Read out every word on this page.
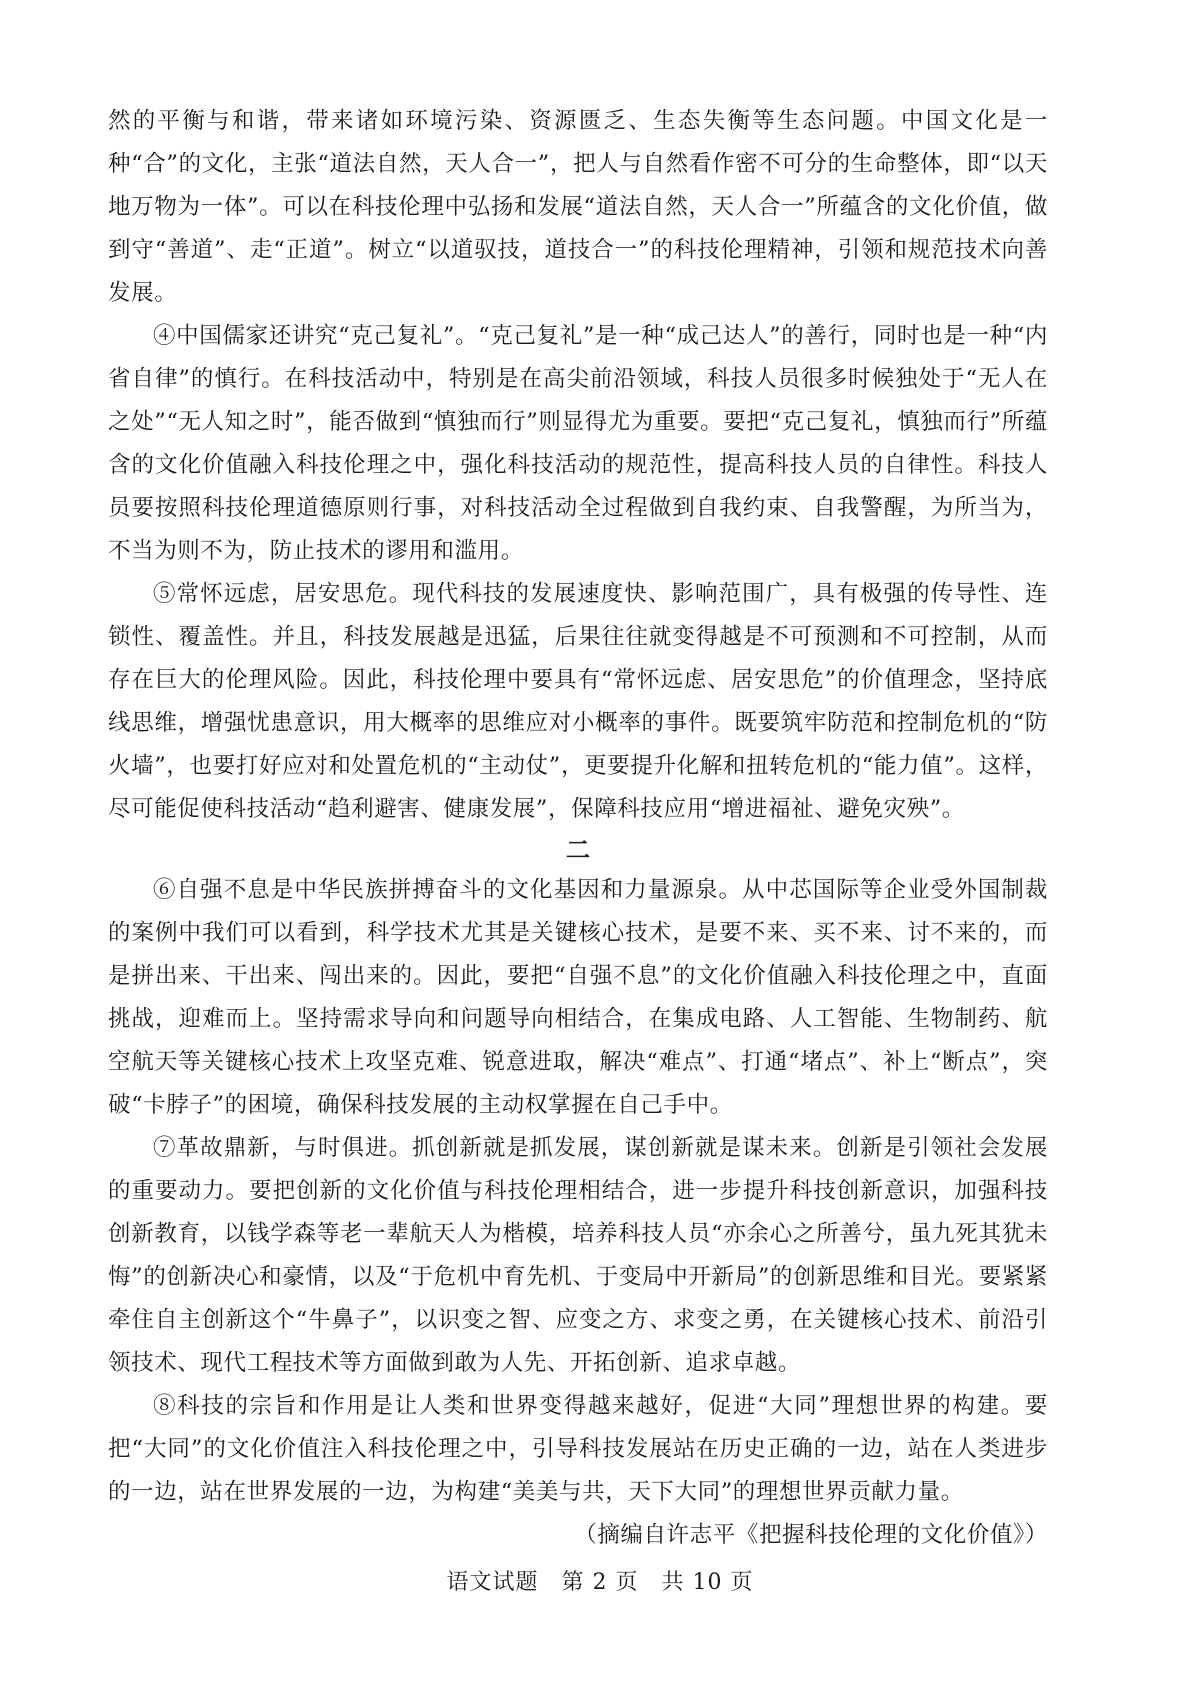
然的平衡与和谐，带来诸如环境污染、资源匮乏、生态失衡等生态问题。中国文化是一种“合”的文化，主张“道法自然，天人合一”，把人与自然看作密不可分的生命整体，即“以天地万物为一体”。可以在科技伦理中弘扬和发展“道法自然，天人合一”所蕴含的文化价值，做到守“善道”、走“正道”。树立“以道驭技，道技合一”的科技伦理精神，引领和规范技术向善发展。

④中国儒家还讲究“克己复礼”。“克己复礼”是一种“成己达人”的善行，同时也是一种“内省自律”的慎行。在科技活动中，特别是在高尖前沿领域，科技人员很多时候独处于“无人在之处”“无人知之时”，能否做到“慎独而行”则显得尤为重要。要把“克己复礼，慎独而行”所蕴含的文化价值融入科技伦理之中，强化科技活动的规范性，提高科技人员的自律性。科技人员要按照科技伦理道德原则行事，对科技活动全过程做到自我约束、自我警醒，为所当为，不当为则不为，防止技术的谬用和滥用。

⑤常怀远虑，居安思危。现代科技的发展速度快、影响范围广，具有极强的传导性、连锁性、覆盖性。并且，科技发展越是迅猛，后果往往就变得越是不可预测和不可控制，从而存在巨大的伦理风险。因此，科技伦理中要具有“常怀远虑、居安思危”的价值理念，坚持底线思维，增强忧患意识，用大概率的思维应对小概率的事件。既要筑牢防范和控制危机的“防火墙”，也要打好应对和处置危机的“主动仗”，更要提升化解和扭转危机的“能力值”。这样，尽可能促使科技活动“趋利避害、健康发展”，保障科技应用“增进福祉、避免灾殃”。

二

⑥自强不息是中华民族拼搏奋斗的文化基因和力量源泉。从中芯国际等企业受外国制裁的案例中我们可以看到，科学技术尤其是关键核心技术，是要不来、买不来、讨不来的，而是拼出来、干出来、闯出来的。因此，要把“自强不息”的文化价值融入科技伦理之中，直面挑战，迎难而上。坚持需求导向和问题导向相结合，在集成电路、人工智能、生物制药、航空航天等关键核心技术上攻坚克难、锐意进取，解决“难点”、打通“堵点”、补上“断点”，突破“卡脖子”的困境，确保科技发展的主动权掌握在自己手中。

⑦革故鼎新，与时俱进。抓创新就是抓发展，谋创新就是谋未来。创新是引领社会发展的重要动力。要把创新的文化价值与科技伦理相结合，进一步提升科技创新意识，加强科技创新教育，以钱学森等老一辈航天人为楷模，培养科技人员“亦余心之所善兮，虽九死其犹未悔”的创新决心和豪情，以及“于危机中育先机、于变局中开新局”的创新思维和目光。要紧紧牵住自主创新这个“牛鼻子”，以识变之智、应变之方、求变之勇，在关键核心技术、前沿引领技术、现代工程技术等方面做到敢为人先、开拓创新、追求卓越。

⑧科技的宗旨和作用是让人类和世界变得越来越好，促进“大同”理想世界的构建。要把“大同”的文化价值注入科技伦理之中，引导科技发展站在历史正确的一边，站在人类进步的一边，站在世界发展的一边，为构建“美美与共，天下大同”的理想世界贡献力量。

（摘编自许志平《把握科技伦理的文化价值》）

语文试题　第 2 页　共 10 页
